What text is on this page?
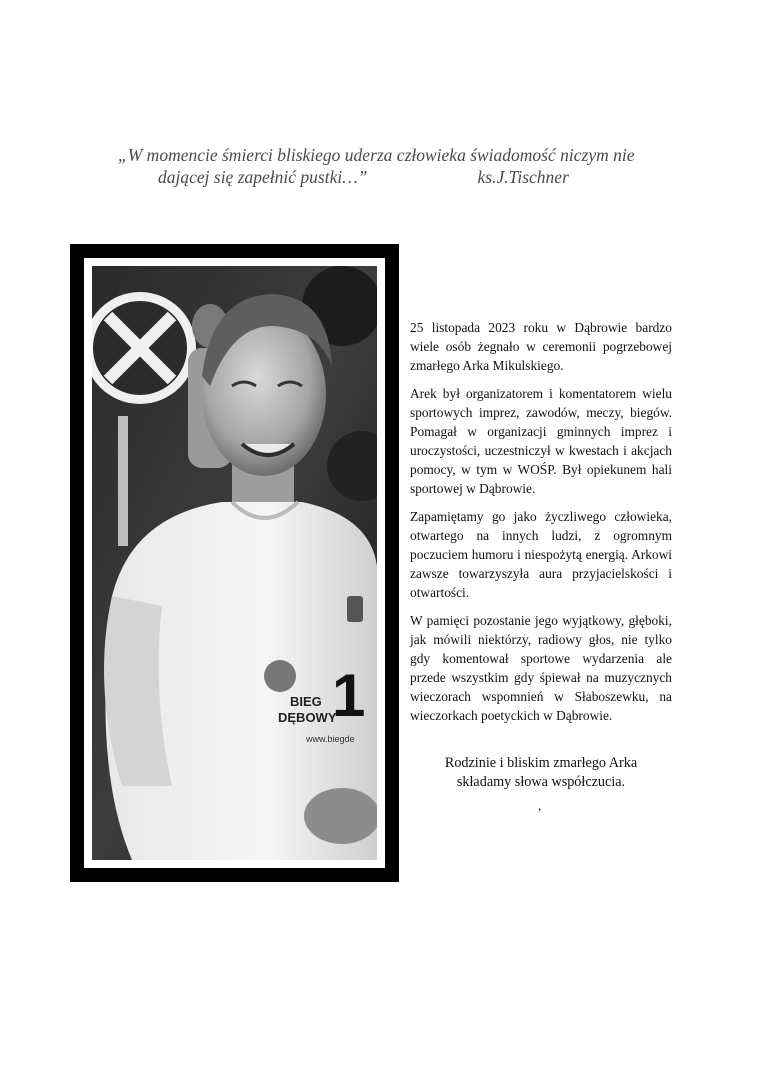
„W momencie śmierci bliskiego uderza człowieka świadomość niczym nie
dającej się zapełnić pustki…”	ks.J.Tischner
BIEG
DĘBOWY
1
www.biegde

25 listopada 2023 roku w Dąbrowie bardzo wiele osób żegnało w ceremonii pogrzebowej zmarłego Arka Mikulskiego.

Arek był organizatorem i komentatorem wielu sportowych imprez, zawodów, meczy, biegów. Pomagał w organizacji gminnych imprez i uroczystości, uczestniczył w kwestach i akcjach pomocy, w tym w WOŚP. Był opiekunem hali sportowej w Dąbrowie.

Zapamiętamy go jako życzliwego człowieka, otwartego na innych ludzi, z ogromnym poczuciem humoru i niespożytą energią. Arkowi zawsze towarzyszyła aura przyjacielskości i otwartości.

W pamięci pozostanie jego wyjątkowy, głęboki, jak mówili niektórzy, radiowy głos, nie tylko gdy komentował sportowe wydarzenia ale przede wszystkim gdy śpiewał na muzycznych wieczorach wspomnień w Słaboszewku, na wieczorkach poetyckich w Dąbrowie.

Rodzinie i bliskim zmarłego Arka

składamy słowa współczucia.

,
